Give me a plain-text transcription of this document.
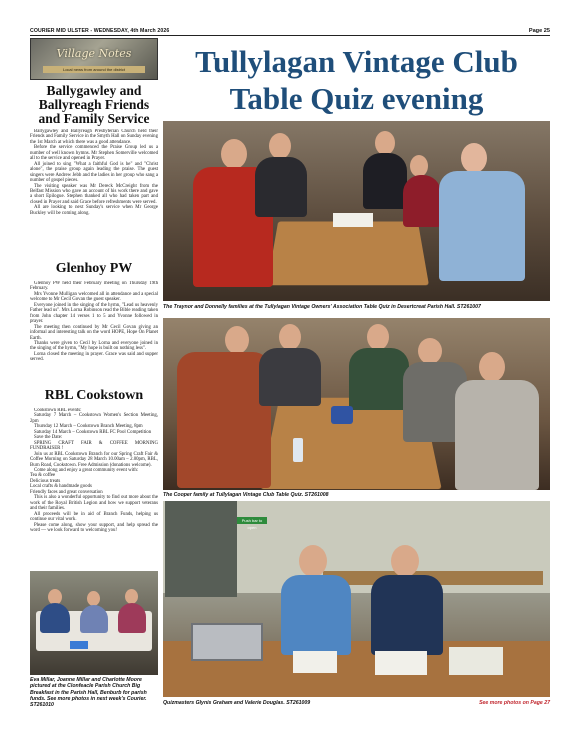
COURIER MID ULSTER - WEDNESDAY, 4th March 2026	Page 25
Village Notes
Local news from around the district
Ballygawley and Ballyreagh Friends and Family Service

Ballygawley and Ballyreagh Presbyterian Church held their Friends and Family Service in the Smyth Hall on Sunday evening the 1st March at which there was a good attendance.

Before the service commenced the Praise Group led us a number of well known hymns. Mr Stephen Somerville welcomed all to the service and opened in Prayer.

All joined to sing "What a faithful God is he" and "Christ alone", the praise group again leading the praise. The guest singers were Andrew Jebb and the ladies in her group who sang a number of gospel pieces.

The visiting speaker was Mr Dereck McCreight from the Belfast Mission who gave an account of his work there and gave a short Epilogue. Stephen thanked all who had taken part and closed in Prayer and said Grace before refreshments were served.

All are looking to next Sunday's service when Mr George Buckley will be coming along.

Glenhoy PW

Glenhoy PW held their February meeting on Thursday 19th February.

Mrs Yvonne Mulligan welcomed all in attendance and a special welcome to Mr Cecil Govan the guest speaker.

Everyone joined in the singing of the hymn, "Lead us heavenly Father lead us". Mrs Lorna Robinson read the Bible reading taken from John chapter 14 verses 1 to 5 and Yvonne followed in prayer.

The meeting then continued by Mr Cecil Govan giving an informal and interesting talk on the word HOPE, Hope On Planet Earth.

Thanks were given to Cecil by Lorna and everyone joined in the singing of the hymn, "My hope is built on nothing less".

Lorna closed the meeting in prayer. Grace was said and supper served.

RBL Cookstown

Cookstown RBL events:

Saturday 7 March – Cookstown Women's Section Meeting, 2pm

Thursday 12 March – Cookstown Branch Meeting, 8pm

Saturday 14 March – Cookstown RBL FC Pool Competition

Save the Date:

SPRING CRAFT FAIR & COFFEE MORNING FUNDRAISER !

Join us at RBL Cookstown Branch for our Spring Craft Fair & Coffee Morning on Saturday 28 March 10.00am – 2.00pm, RBL, Burn Road, Cookstown. Free Admission (donations welcome).

Come along and enjoy a great community event with:

Tea & coffee

Delicious treats

Local crafts & handmade goods

Friendly faces and great conversation

This is also a wonderful opportunity to find out more about the work of the Royal British Legion and how we support veterans and their families.

All proceeds will be in aid of Branch Funds, helping us continue our vital work.

Please come along, show your support, and help spread the word — we look forward to welcoming you!

Eva Millar, Joanne Millar and Charlotte Moore pictured at the Clonfeacle Parish Church Big Breakfast in the Parish Hall, Benburb for parish funds. See more photos in next week's Courier. ST261010
Tullylagan Vintage Club
Table Quiz evening
The Traynor and Donnelly families at the Tullylagan Vintage Owners' Association Table Quiz in Desertcreat Parish Hall. ST261007
The Cooper family at Tullylagan Vintage Club Table Quiz. ST261008
Push bar to open
Quizmasters Glynis Graham and Valerie Douglas. ST261009	See more photos on Page 27
